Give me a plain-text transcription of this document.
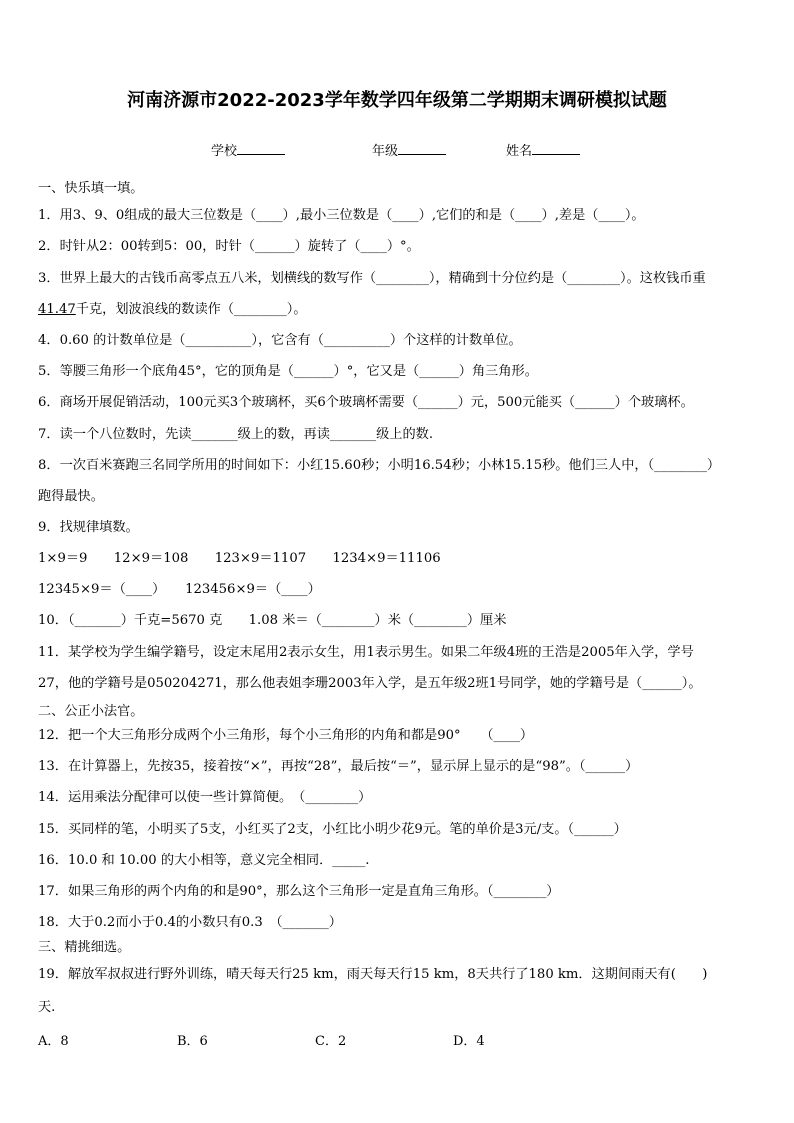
河南济源市2022-2023学年数学四年级第二学期期末调研模拟试题
学校	年级	姓名
一、快乐填一填。
1．用3、9、0组成的最大三位数是（____）,最小三位数是（____）,它们的和是（____）,差是（____）。
2．时针从2：00转到5：00，时针（______）旋转了（____）°。
3．世界上最大的古钱币高零点五八米，划横线的数写作（________），精确到十分位约是（________）。这枚钱币重
41.47千克，划波浪线的数读作（________）。
4．0.60 的计数单位是（__________），它含有（__________）个这样的计数单位。
5．等腰三角形一个底角45°，它的顶角是（______）°，它又是（______）角三角形。
6．商场开展促销活动，100元买3个玻璃杯，买6个玻璃杯需要（______）元，500元能买（______）个玻璃杯。
7．读一个八位数时，先读_______级上的数，再读_______级上的数.
8．一次百米赛跑三名同学所用的时间如下：小红15.60秒；小明16.54秒；小林15.15秒。他们三人中，（________）
跑得最快。
9．找规律填数。
1×9＝9　　12×9＝108　　123×9＝1107　　1234×9＝11106
12345×9＝（____）　　123456×9＝（____）
10．（_______）千克=5670 克　　1.08 米＝（________）米（________）厘米
11．某学校为学生编学籍号，设定末尾用2表示女生，用1表示男生。如果二年级4班的王浩是2005年入学，学号
27，他的学籍号是050204271，那么他表姐李珊2003年入学，是五年级2班1号同学，她的学籍号是（______）。
二、公正小法官。
12．把一个大三角形分成两个小三角形，每个小三角形的内角和都是90°　　（____）
13．在计算器上，先按35，接着按“×”，再按“28”，最后按“＝”，显示屏上显示的是“98”。（______）
14．运用乘法分配律可以使一些计算简便。　（________）
15．买同样的笔，小明买了5支，小红买了2支，小红比小明少花9元。笔的单价是3元/支。（______）
16．10.0 和 10.00 的大小相等，意义完全相同．_____.
17．如果三角形的两个内角的和是90°，那么这个三角形一定是直角三角形。（________）
18．大于0.2而小于0.4的小数只有0.3　（_______）
三、精挑细选。
19．解放军叔叔进行野外训练，晴天每天行25 km，雨天每天行15 km，8天共行了180 km．这期间雨天有(　　)
天.
A．8	B．6	C．2	D．4
